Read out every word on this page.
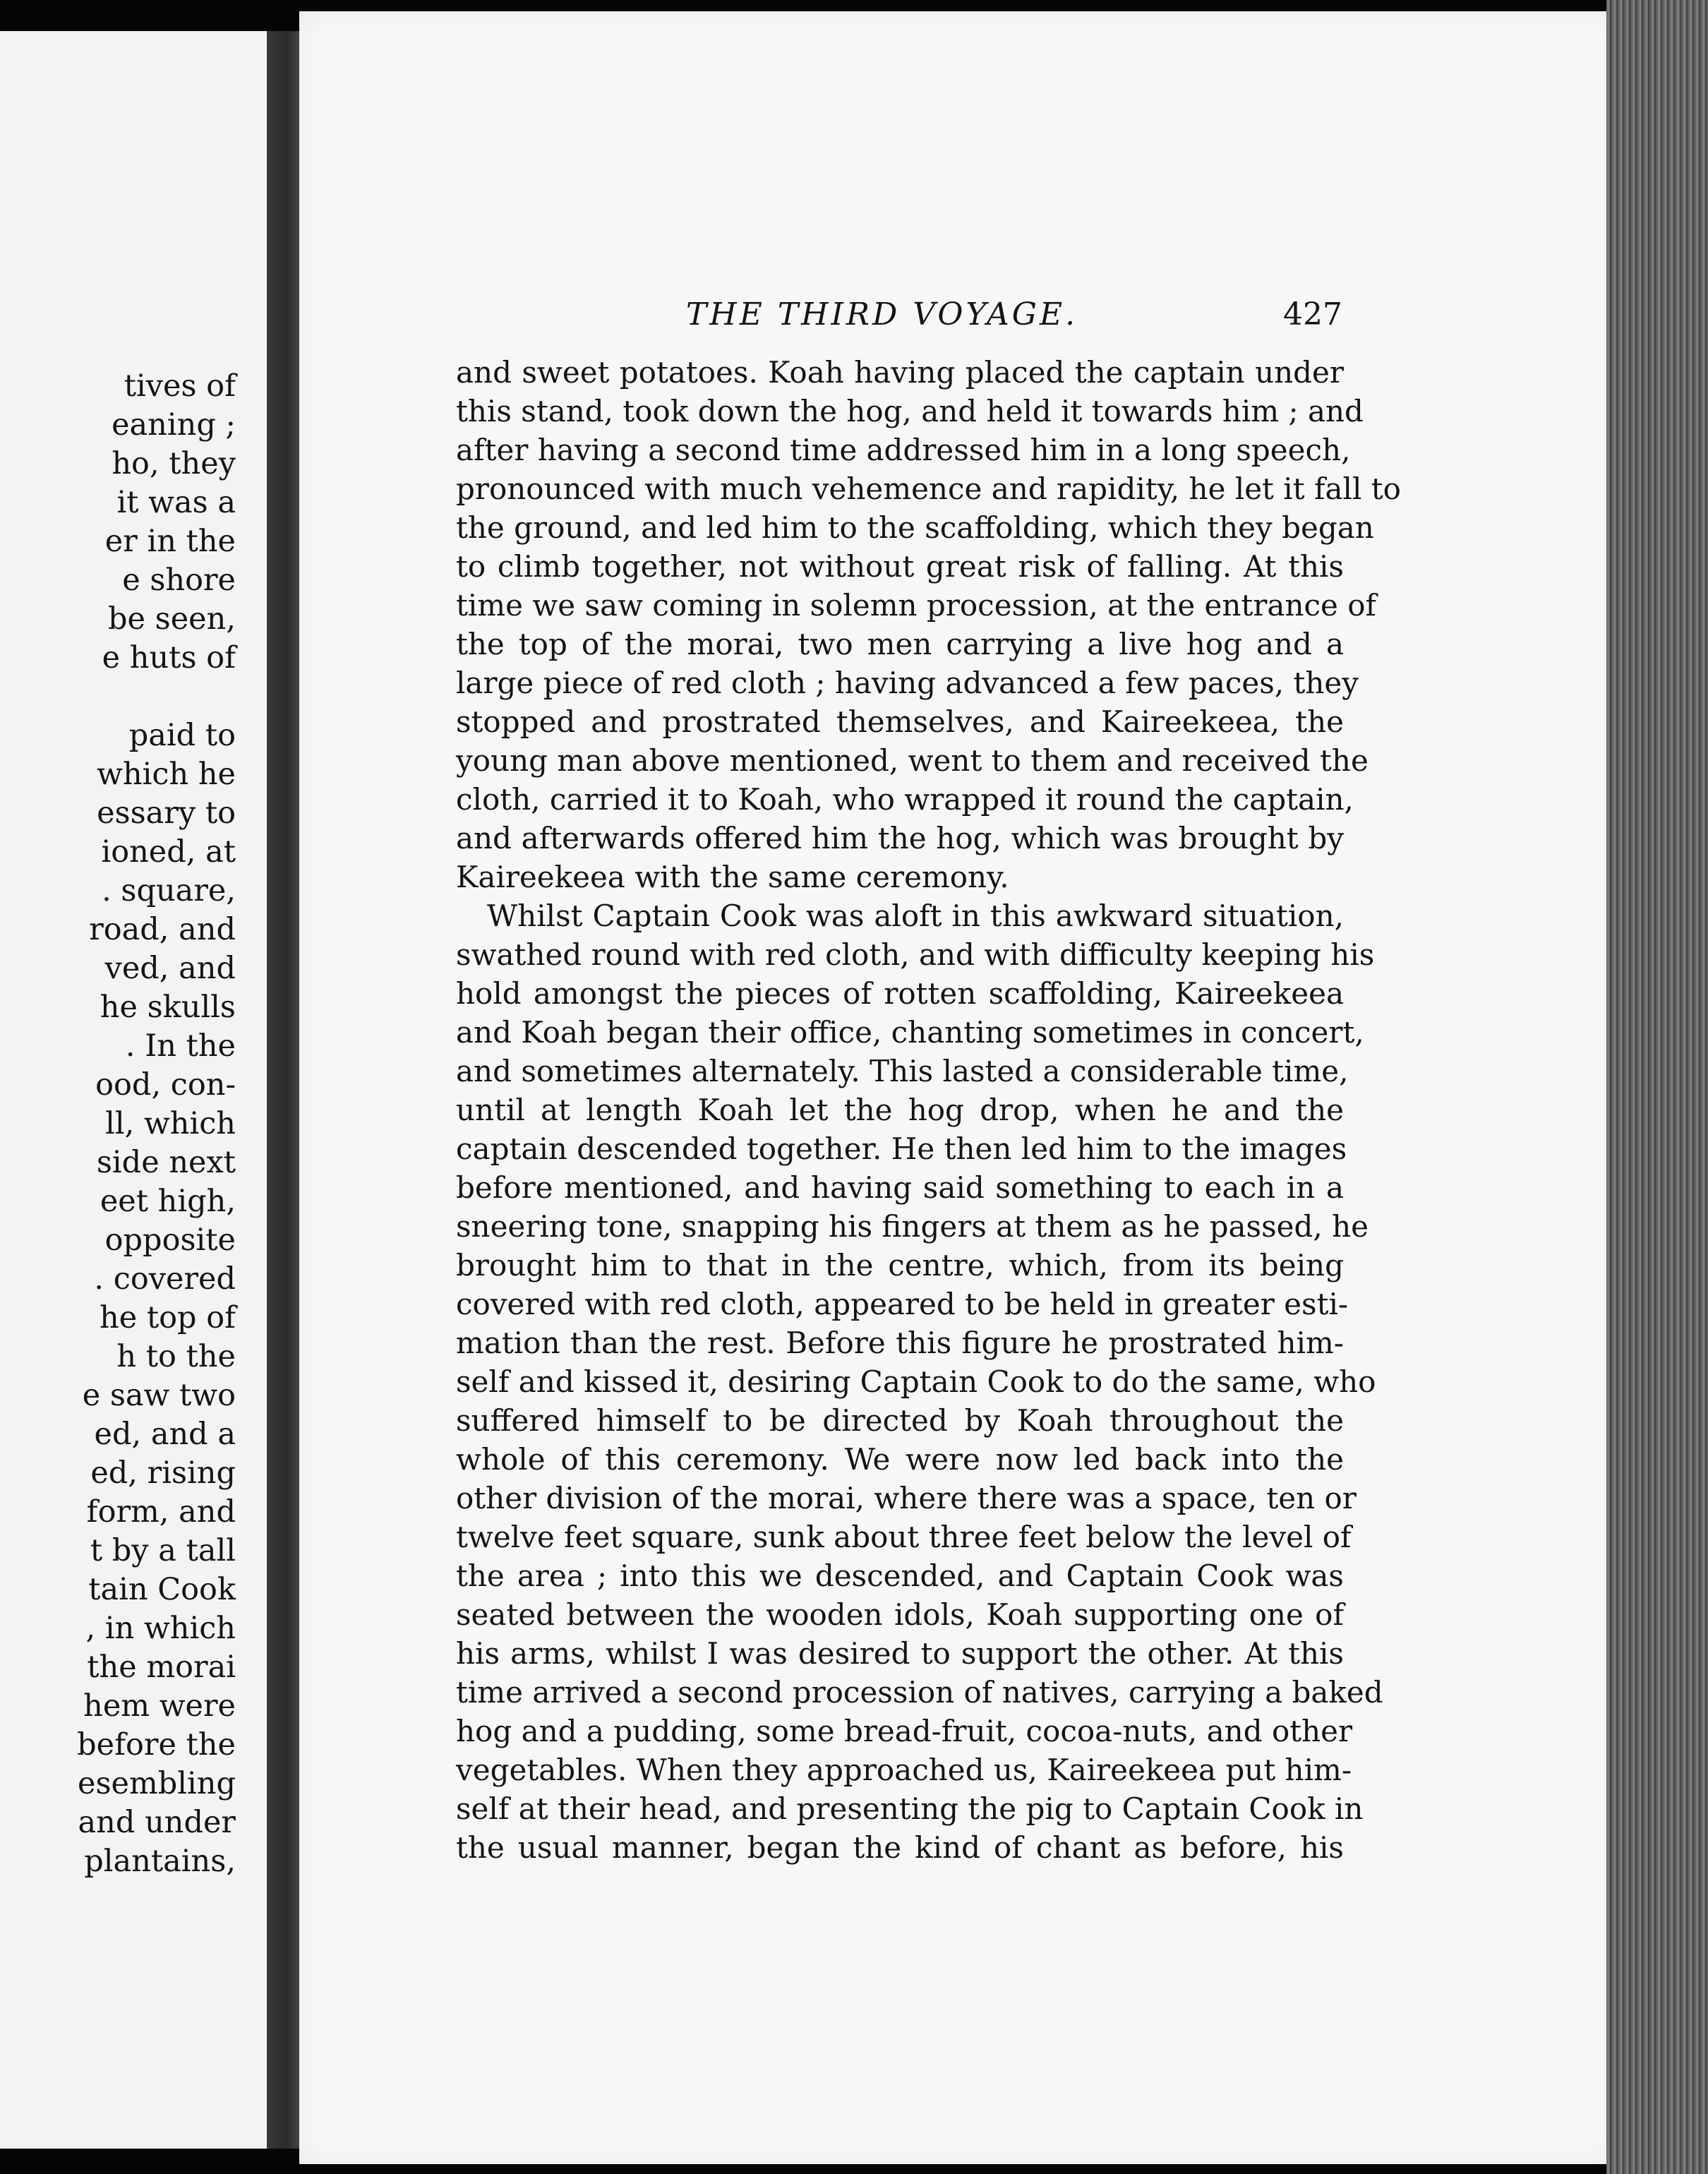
tives of
eaning ;
ho, they
it was a
er in the
e shore
be seen,
e huts of
paid to
which he
essary to
ioned, at
. square,
road, and
ved, and
he skulls
. In the
ood, con-
ll, which
side next
eet high,
opposite
. covered
he top of
h to the
e saw two
ed, and a
ed, rising
form, and
t by a tall
tain Cook
, in which
the morai
hem were
before the
esembling
and under
plantains,
THE THIRD VOYAGE.	427
and sweet potatoes. Koah having placed the captain under
this stand, took down the hog, and held it towards him ; and
after having a second time addressed him in a long speech,
pronounced with much vehemence and rapidity, he let it fall to
the ground, and led him to the scaffolding, which they began
to climb together, not without great risk of falling. At this
time we saw coming in solemn procession, at the entrance of
the top of the morai, two men carrying a live hog and a
large piece of red cloth ; having advanced a few paces, they
stopped and prostrated themselves, and Kaireekeea, the
young man above mentioned, went to them and received the
cloth, carried it to Koah, who wrapped it round the captain,
and afterwards offered him the hog, which was brought by
Kaireekeea with the same ceremony.
Whilst Captain Cook was aloft in this awkward situation,
swathed round with red cloth, and with difficulty keeping his
hold amongst the pieces of rotten scaffolding, Kaireekeea
and Koah began their office, chanting sometimes in concert,
and sometimes alternately. This lasted a considerable time,
until at length Koah let the hog drop, when he and the
captain descended together. He then led him to the images
before mentioned, and having said something to each in a
sneering tone, snapping his fingers at them as he passed, he
brought him to that in the centre, which, from its being
covered with red cloth, appeared to be held in greater esti-
mation than the rest. Before this figure he prostrated him-
self and kissed it, desiring Captain Cook to do the same, who
suffered himself to be directed by Koah throughout the
whole of this ceremony. We were now led back into the
other division of the morai, where there was a space, ten or
twelve feet square, sunk about three feet below the level of
the area ; into this we descended, and Captain Cook was
seated between the wooden idols, Koah supporting one of
his arms, whilst I was desired to support the other. At this
time arrived a second procession of natives, carrying a baked
hog and a pudding, some bread-fruit, cocoa-nuts, and other
vegetables. When they approached us, Kaireekeea put him-
self at their head, and presenting the pig to Captain Cook in
the usual manner, began the kind of chant as before, his
